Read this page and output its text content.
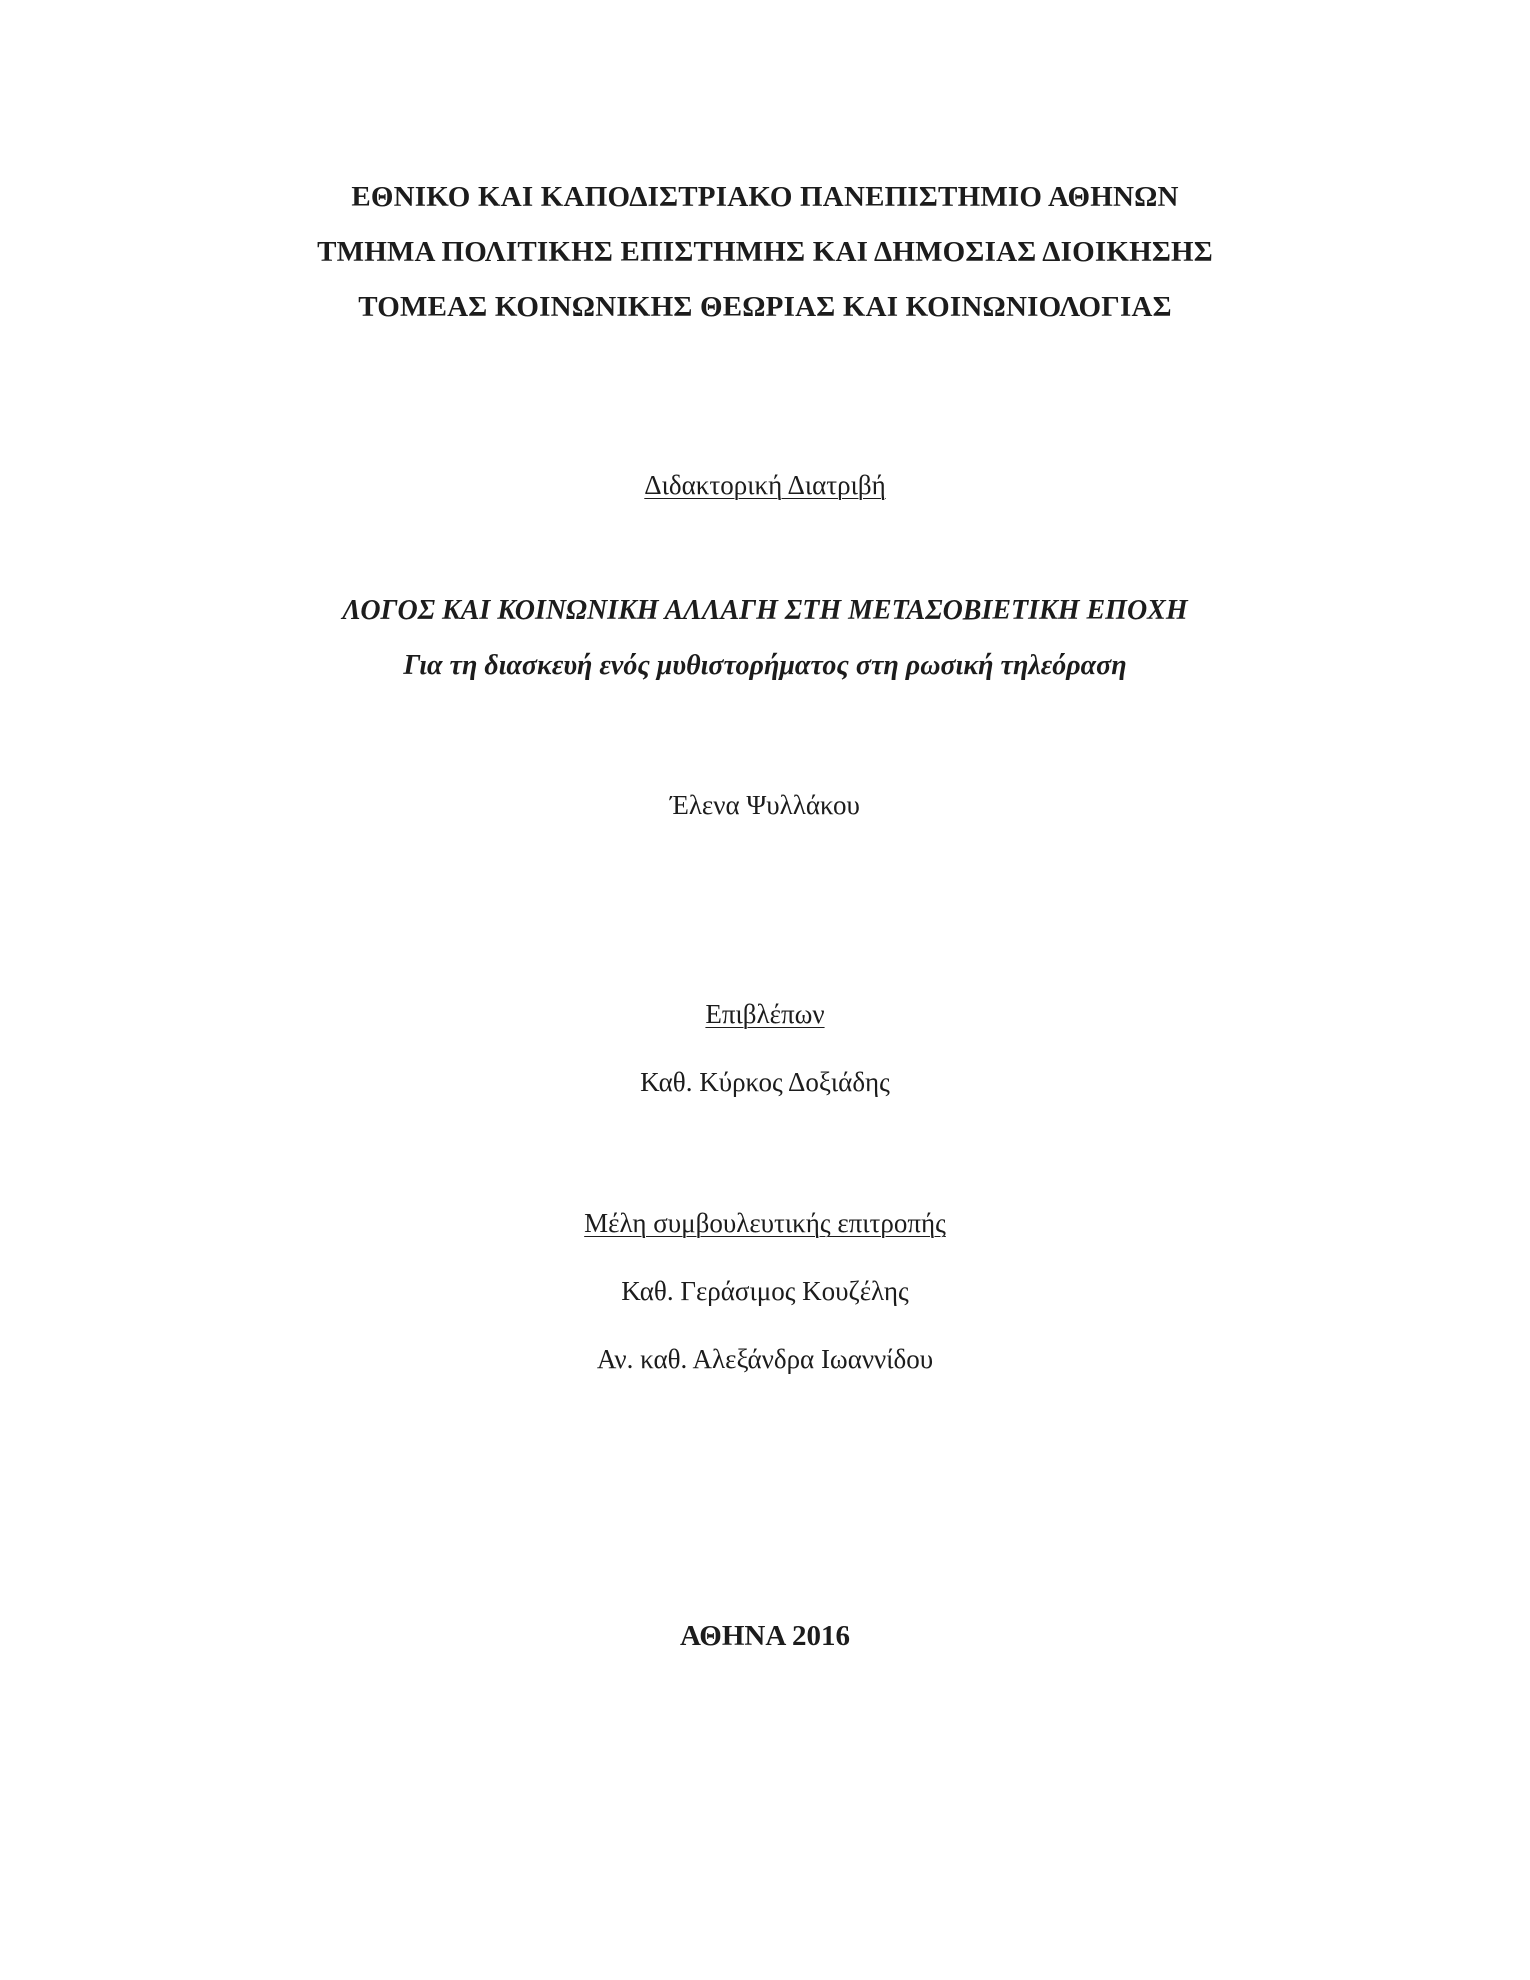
ΕΘΝΙΚΟ ΚΑΙ ΚΑΠΟΔΙΣΤΡΙΑΚΟ ΠΑΝΕΠΙΣΤΗΜΙΟ ΑΘΗΝΩΝ
ΤΜΗΜΑ ΠΟΛΙΤΙΚΗΣ ΕΠΙΣΤΗΜΗΣ ΚΑΙ ΔΗΜΟΣΙΑΣ ΔΙΟΙΚΗΣΗΣ
ΤΟΜΕΑΣ ΚΟΙΝΩΝΙΚΗΣ ΘΕΩΡΙΑΣ ΚΑΙ ΚΟΙΝΩΝΙΟΛΟΓΙΑΣ
Διδακτορική Διατριβή
ΛΟΓΟΣ ΚΑΙ ΚΟΙΝΩΝΙΚΗ ΑΛΛΑΓΗ ΣΤΗ ΜΕΤΑΣΟΒΙΕΤΙΚΗ ΕΠΟΧΗ
Για τη διασκευή ενός μυθιστορήματος στη ρωσική τηλεόραση
Έλενα Ψυλλάκου
Επιβλέπων
Καθ. Κύρκος Δοξιάδης
Μέλη συμβουλευτικής επιτροπής
Καθ. Γεράσιμος Κουζέλης
Αν. καθ. Αλεξάνδρα Ιωαννίδου
ΑΘΗΝΑ 2016
